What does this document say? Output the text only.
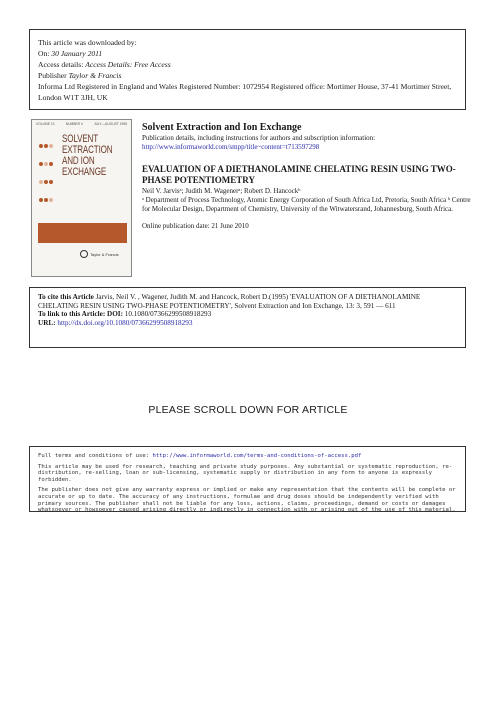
This article was downloaded by:

On: 30 January 2011

Access details: Access Details: Free Access

Publisher Taylor & Francis

Informa Ltd Registered in England and Wales Registered Number: 1072954 Registered office: Mortimer House, 37-41 Mortimer Street, London W1T 3JH, UK

VOLUME 13	NUMBER 4	JULY—AUGUST 1995

SOLVENT
EXTRACTION
AND ION
EXCHANGE
Taylor & Francis

Solvent Extraction and Ion Exchange

Publication details, including instructions for authors and subscription information:

http://www.informaworld.com/smpp/title~content=t713597298

EVALUATION OF A DIETHANOLAMINE CHELATING RESIN USING TWO-PHASE POTENTIOMETRY

Neil V. Jarvisᵃ; Judith M. Wagenerᵃ; Robert D. Hancockᵇ

ᵃ Department of Process Technology, Atomic Energy Corporation of South Africa Ltd, Pretoria, South Africa ᵇ Centre for Molecular Design, Department of Chemistry, University of the Witwatersrand, Johannesburg, South Africa.

Online publication date: 21 June 2010

To cite this Article Jarvis, Neil V. , Wagener, Judith M. and Hancock, Robert D.(1995) 'EVALUATION OF A DIETHANOLAMINE CHELATING RESIN USING TWO-PHASE POTENTIOMETRY', Solvent Extraction and Ion Exchange, 13: 3, 591 — 611

To link to this Article: DOI: 10.1080/07366299508918293

URL: http://dx.doi.org/10.1080/07366299508918293

PLEASE SCROLL DOWN FOR ARTICLE

Full terms and conditions of use: http://www.informaworld.com/terms-and-conditions-of-access.pdf

This article may be used for research, teaching and private study purposes. Any substantial or systematic reproduction, re-distribution, re-selling, loan or sub-licensing, systematic supply or distribution in any form to anyone is expressly forbidden.

The publisher does not give any warranty express or implied or make any representation that the contents will be complete or accurate or up to date. The accuracy of any instructions, formulae and drug doses should be independently verified with primary sources. The publisher shall not be liable for any loss, actions, claims, proceedings, demand or costs or damages whatsoever or howsoever caused arising directly or indirectly in connection with or arising out of the use of this material.
